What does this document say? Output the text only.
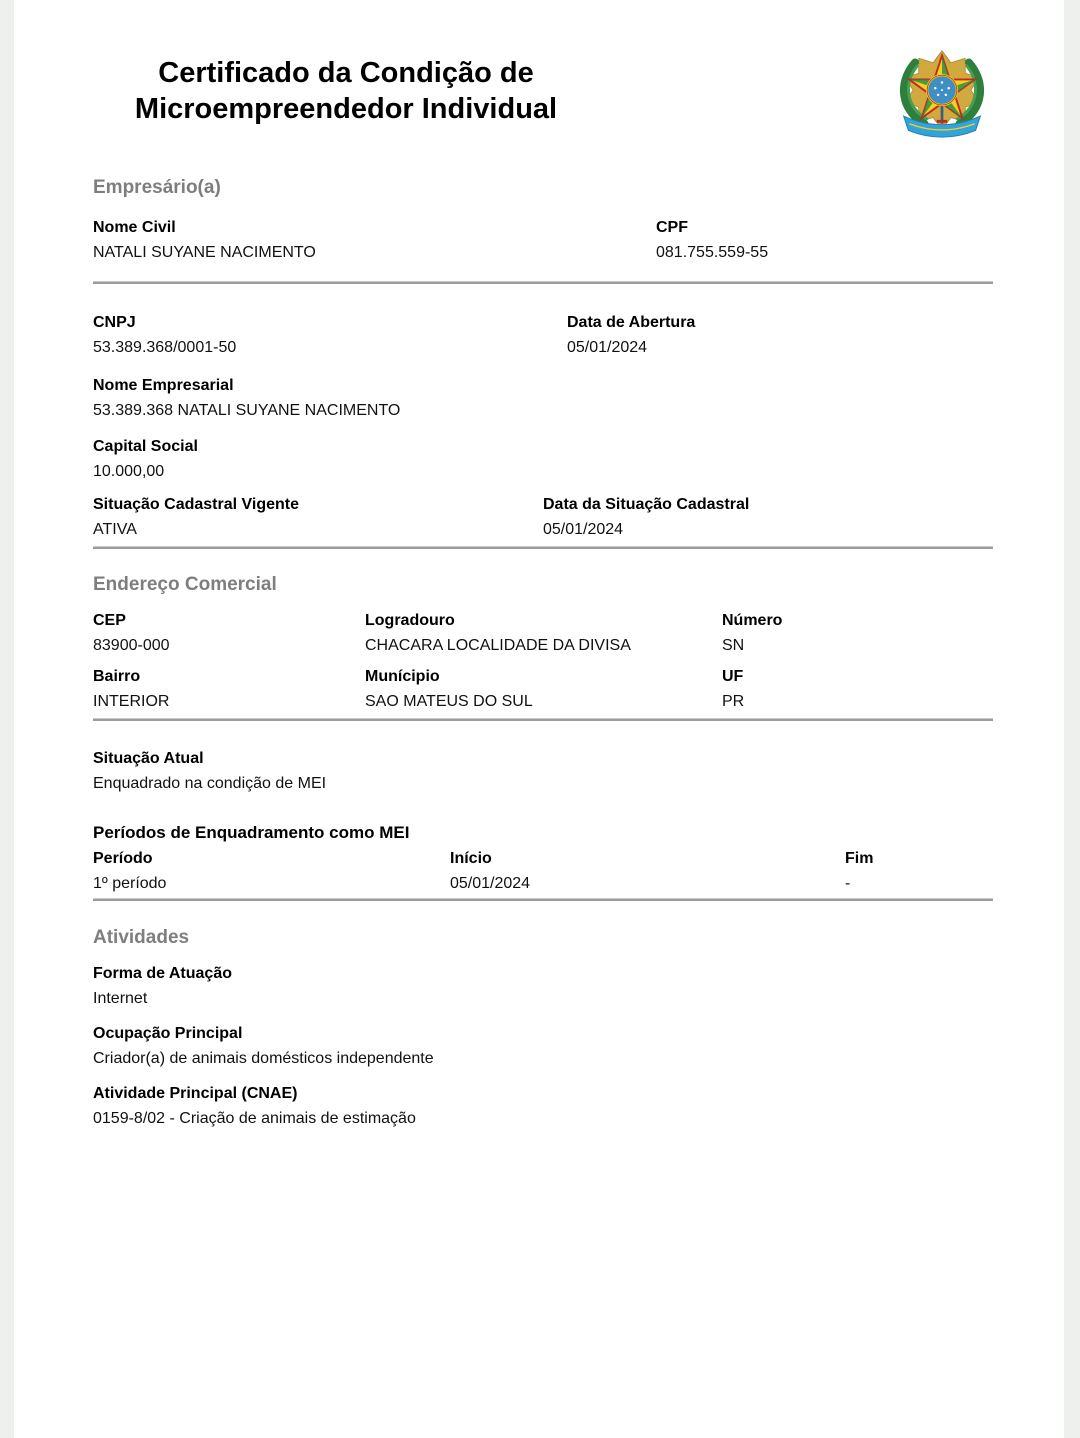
Certificado da Condição de
Microempreendedor Individual
Empresário(a)
Nome Civil
NATALI SUYANE NACIMENTO
CPF
081.755.559-55
CNPJ
53.389.368/0001-50
Data de Abertura
05/01/2024
Nome Empresarial
53.389.368 NATALI SUYANE NACIMENTO
Capital Social
10.000,00
Situação Cadastral Vigente
ATIVA
Data da Situação Cadastral
05/01/2024
Endereço Comercial
CEP
83900-000
Logradouro
CHACARA LOCALIDADE DA DIVISA
Número
SN
Bairro
INTERIOR
Munícipio
SAO MATEUS DO SUL
UF
PR
Situação Atual
Enquadrado na condição de MEI
Períodos de Enquadramento como MEI
Período	Início	Fim
1º período	05/01/2024	-
Atividades
Forma de Atuação
Internet
Ocupação Principal
Criador(a) de animais domésticos independente
Atividade Principal (CNAE)
0159-8/02 - Criação de animais de estimação
